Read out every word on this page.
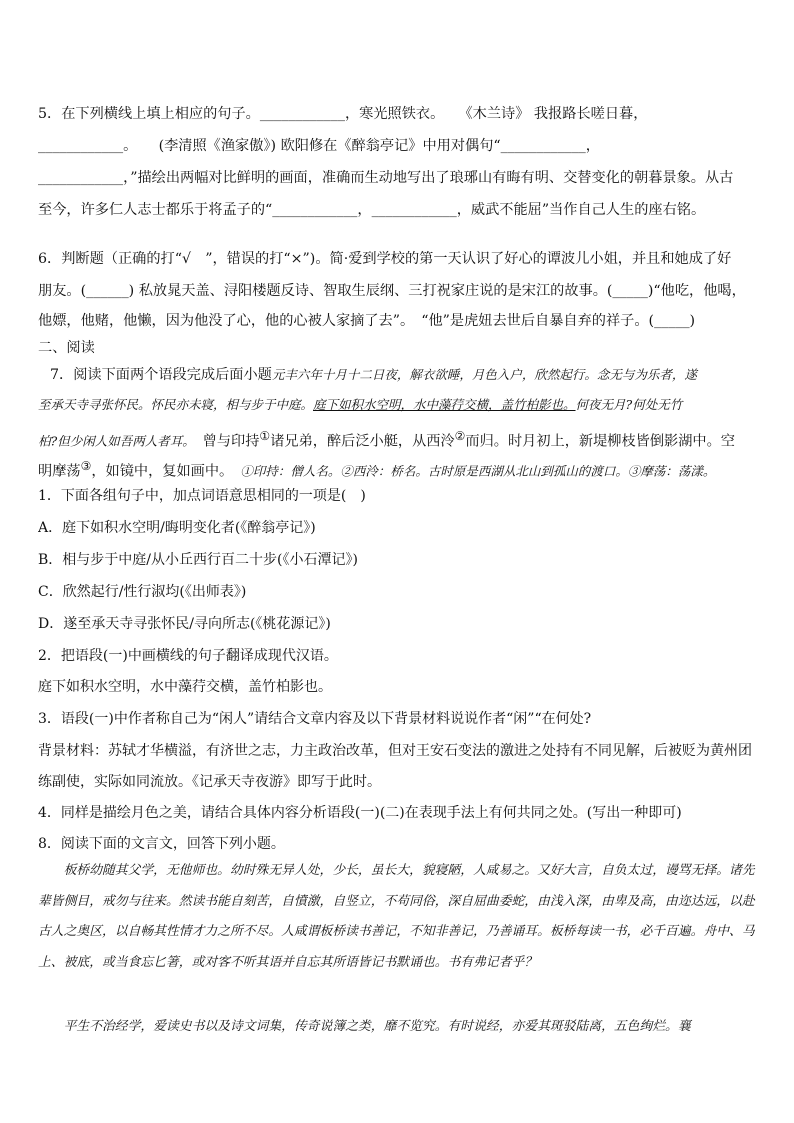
5．在下列横线上填上相应的句子。____________，寒光照铁衣。　　《木兰诗》 我报路长嗟日暮，

____________。　　(李清照《渔家傲》) 欧阳修在《醉翁亭记》中用对偶句“____________，

____________，”描绘出两幅对比鲜明的画面，准确而生动地写出了琅琊山有晦有明、交替变化的朝暮景象。从古

至今，许多仁人志士都乐于将孟子的“____________，____________，威武不能屈”当作自己人生的座右铭。

6．判断题（正确的打“√　”，错误的打“×”)。简·爱到学校的第一天认识了好心的谭波儿小姐，并且和她成了好

朋友。(______) 私放晁天盖、浔阳楼题反诗、智取生辰纲、三打祝家庄说的是宋江的故事。(_____)“他吃，他喝，

他嫖，他赌，他懒，因为他没了心，他的心被人家摘了去”。　“他”是虎妞去世后自暴自弃的祥子。(_____)

二、阅读

7．阅读下面两个语段完成后面小题元丰六年十月十二日夜，解衣欲睡，月色入户，欣然起行。念无与为乐者，遂

至承天寺寻张怀民。怀民亦未寝，相与步于中庭。庭下如积水空明，水中藻荇交横，盖竹柏影也。何夜无月?何处无竹

柏?但少闲人如吾两人者耳。　 曾与印持①诸兄弟，醉后泛小艇，从西泠②而归。时月初上，新堤柳枝皆倒影湖中。空

明摩荡③，如镜中，复如画中。　 ①印持：僧人名。②西泠：桥名。古时原是西湖从北山到孤山的渡口。③摩荡：荡漾。

1．下面各组句子中，加点词语意思相同的一项是(　)

A．庭下如积水空明/晦明变化者(《醉翁亭记》)

B．相与步于中庭/从小丘西行百二十步(《小石潭记》)

C．欣然起行/性行淑均(《出师表》)

D．遂至承天寺寻张怀民/寻向所志(《桃花源记》)

2．把语段(一)中画横线的句子翻译成现代汉语。

庭下如积水空明，水中藻荇交横，盖竹柏影也。

3．语段(一)中作者称自己为“闲人”请结合文章内容及以下背景材料说说作者“闲”“在何处?

背景材料：苏轼才华横溢，有济世之志，力主政治改革，但对王安石变法的激进之处持有不同见解，后被贬为黄州团

练副使，实际如同流放。《记承天寺夜游》即写于此时。

4．同样是描绘月色之美，请结合具体内容分析语段(一)(二)在表现手法上有何共同之处。(写出一种即可)

8．阅读下面的文言文，回答下列小题。

板桥幼随其父学，无他师也。幼时殊无异人处，少长，虽长大，貌寝陋，人咸易之。又好大言，自负太过，谩骂无择。诸先辈皆侧目，戒勿与往来。然读书能自刻苦，自憤激，自竖立，不苟同俗，深自屈曲委蛇，由浅入深，由卑及高，由迩达远，以赴古人之奥区，以自畅其性情才力之所不尽。人咸谓板桥读书善记，不知非善记，乃善诵耳。板桥每读一书，必千百遍。舟中、马上、被底，或当食忘匕箸，或对客不听其语并自忘其所语皆记书默诵也。书有弗记者乎？

平生不治经学，爱读史书以及诗文词集，传奇说簿之类，靡不览究。有时说经，亦爱其斑驳陆离，五色绚烂。襄
